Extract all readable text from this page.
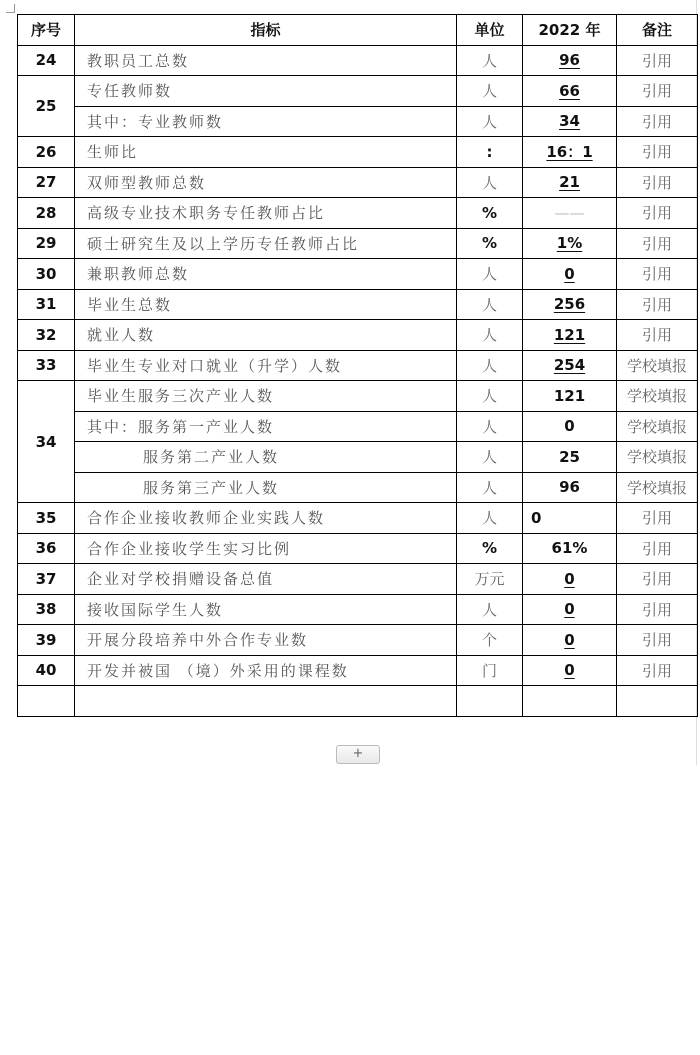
序号	指标	单位	2022 年	备注
24	教职员工总数	人	96	引用
25	专任教师数	人	66	引用
	其中：专业教师数	人	34	引用
26	生师比	:	16：1	引用
27	双师型教师总数	人	21	引用
28	高级专业技术职务专任教师占比	%	——	引用
29	硕士研究生及以上学历专任教师占比	%	1%	引用
30	兼职教师总数	人	0	引用
31	毕业生总数	人	256	引用
32	就业人数	人	121	引用
33	毕业生专业对口就业（升学）人数	人	254	学校填报
34	毕业生服务三次产业人数	人	121	学校填报
	其中：服务第一产业人数	人	0	学校填报
	服务第二产业人数	人	25	学校填报
	服务第三产业人数	人	96	学校填报
35	合作企业接收教师企业实践人数	人	0	引用
36	合作企业接收学生实习比例	%	61%	引用
37	企业对学校捐赠设备总值	万元	0	引用
38	接收国际学生人数	人	0	引用
39	开展分段培养中外合作专业数	个	0	引用
40	开发并被国 （境）外采用的课程数	门	0	引用

+
